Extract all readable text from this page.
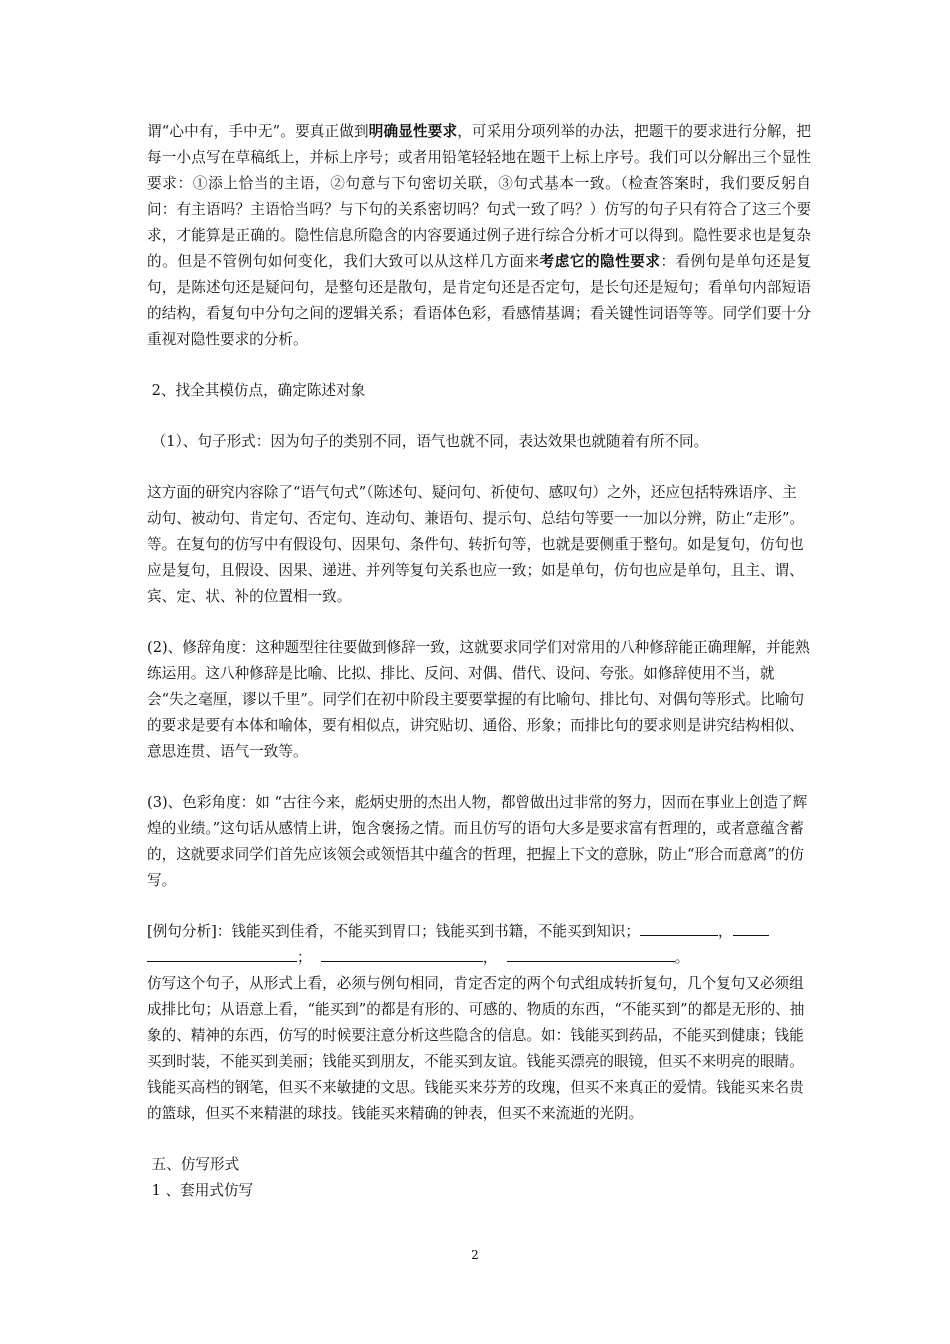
谓“心中有，手中无”。要真正做到明确显性要求，可采用分项列举的办法，把题干的要求进行分解，把每一小点写在草稿纸上，并标上序号；或者用铅笔轻轻地在题干上标上序号。我们可以分解出三个显性要求：①添上恰当的主语，②句意与下句密切关联，③句式基本一致。（检查答案时，我们要反躬自问：有主语吗？主语恰当吗？与下句的关系密切吗？句式一致了吗？）仿写的句子只有符合了这三个要求，才能算是正确的。隐性信息所隐含的内容要通过例子进行综合分析才可以得到。隐性要求也是复杂的。但是不管例句如何变化，我们大致可以从这样几方面来考虑它的隐性要求：看例句是单句还是复句，是陈述句还是疑问句，是整句还是散句，是肯定句还是否定句，是长句还是短句；看单句内部短语的结构，看复句中分句之间的逻辑关系；看语体色彩，看感情基调；看关键性词语等等。同学们要十分重视对隐性要求的分析。

2、找全其模仿点，确定陈述对象

（1）、句子形式：因为句子的类别不同，语气也就不同，表达效果也就随着有所不同。

这方面的研究内容除了“语气句式”（陈述句、疑问句、祈使句、感叹句）之外，还应包括特殊语序、主动句、被动句、肯定句、否定句、连动句、兼语句、提示句、总结句等要一一加以分辨，防止“走形”。等。在复句的仿写中有假设句、因果句、条件句、转折句等，也就是要侧重于整句。如是复句，仿句也应是复句，且假设、因果、递进、并列等复句关系也应一致；如是单句，仿句也应是单句，且主、谓、宾、定、状、补的位置相一致。

(2)、修辞角度：这种题型往往要做到修辞一致，这就要求同学们对常用的八种修辞能正确理解，并能熟练运用。这八种修辞是比喻、比拟、排比、反问、对偶、借代、设问、夸张。如修辞使用不当，就会“失之毫厘，谬以千里”。同学们在初中阶段主要要掌握的有比喻句、排比句、对偶句等形式。比喻句的要求是要有本体和喻体，要有相似点，讲究贴切、通俗、形象；而排比句的要求则是讲究结构相似、意思连贯、语气一致等。

(3)、色彩角度：如 “古往今来，彪炳史册的杰出人物，都曾做出过非常的努力，因而在事业上创造了辉煌的业绩。”这句话从感情上讲，饱含褒扬之情。而且仿写的语句大多是要求富有哲理的，或者意蕴含蓄的，这就要求同学们首先应该领会或领悟其中蕴含的哲理，把握上下文的意脉，防止“形合而意离”的仿写。

[例句分析]：钱能买到佳肴，不能买到胃口；钱能买到书籍，不能买到知识；	，
；	，	。

仿写这个句子，从形式上看，必须与例句相同，肯定否定的两个句式组成转折复句，几个复句又必须组成排比句；从语意上看，“能买到”的都是有形的、可感的、物质的东西，“不能买到”的都是无形的、抽象的、精神的东西，仿写的时候要注意分析这些隐含的信息。如：钱能买到药品，不能买到健康；钱能买到时装，不能买到美丽；钱能买到朋友，不能买到友谊。钱能买漂亮的眼镜，但买不来明亮的眼睛。钱能买高档的钢笔，但买不来敏捷的文思。钱能买来芬芳的玫瑰，但买不来真正的爱情。钱能买来名贵的篮球，但买不来精湛的球技。钱能买来精确的钟表，但买不来流逝的光阴。

五、仿写形式

1 、套用式仿写

2
